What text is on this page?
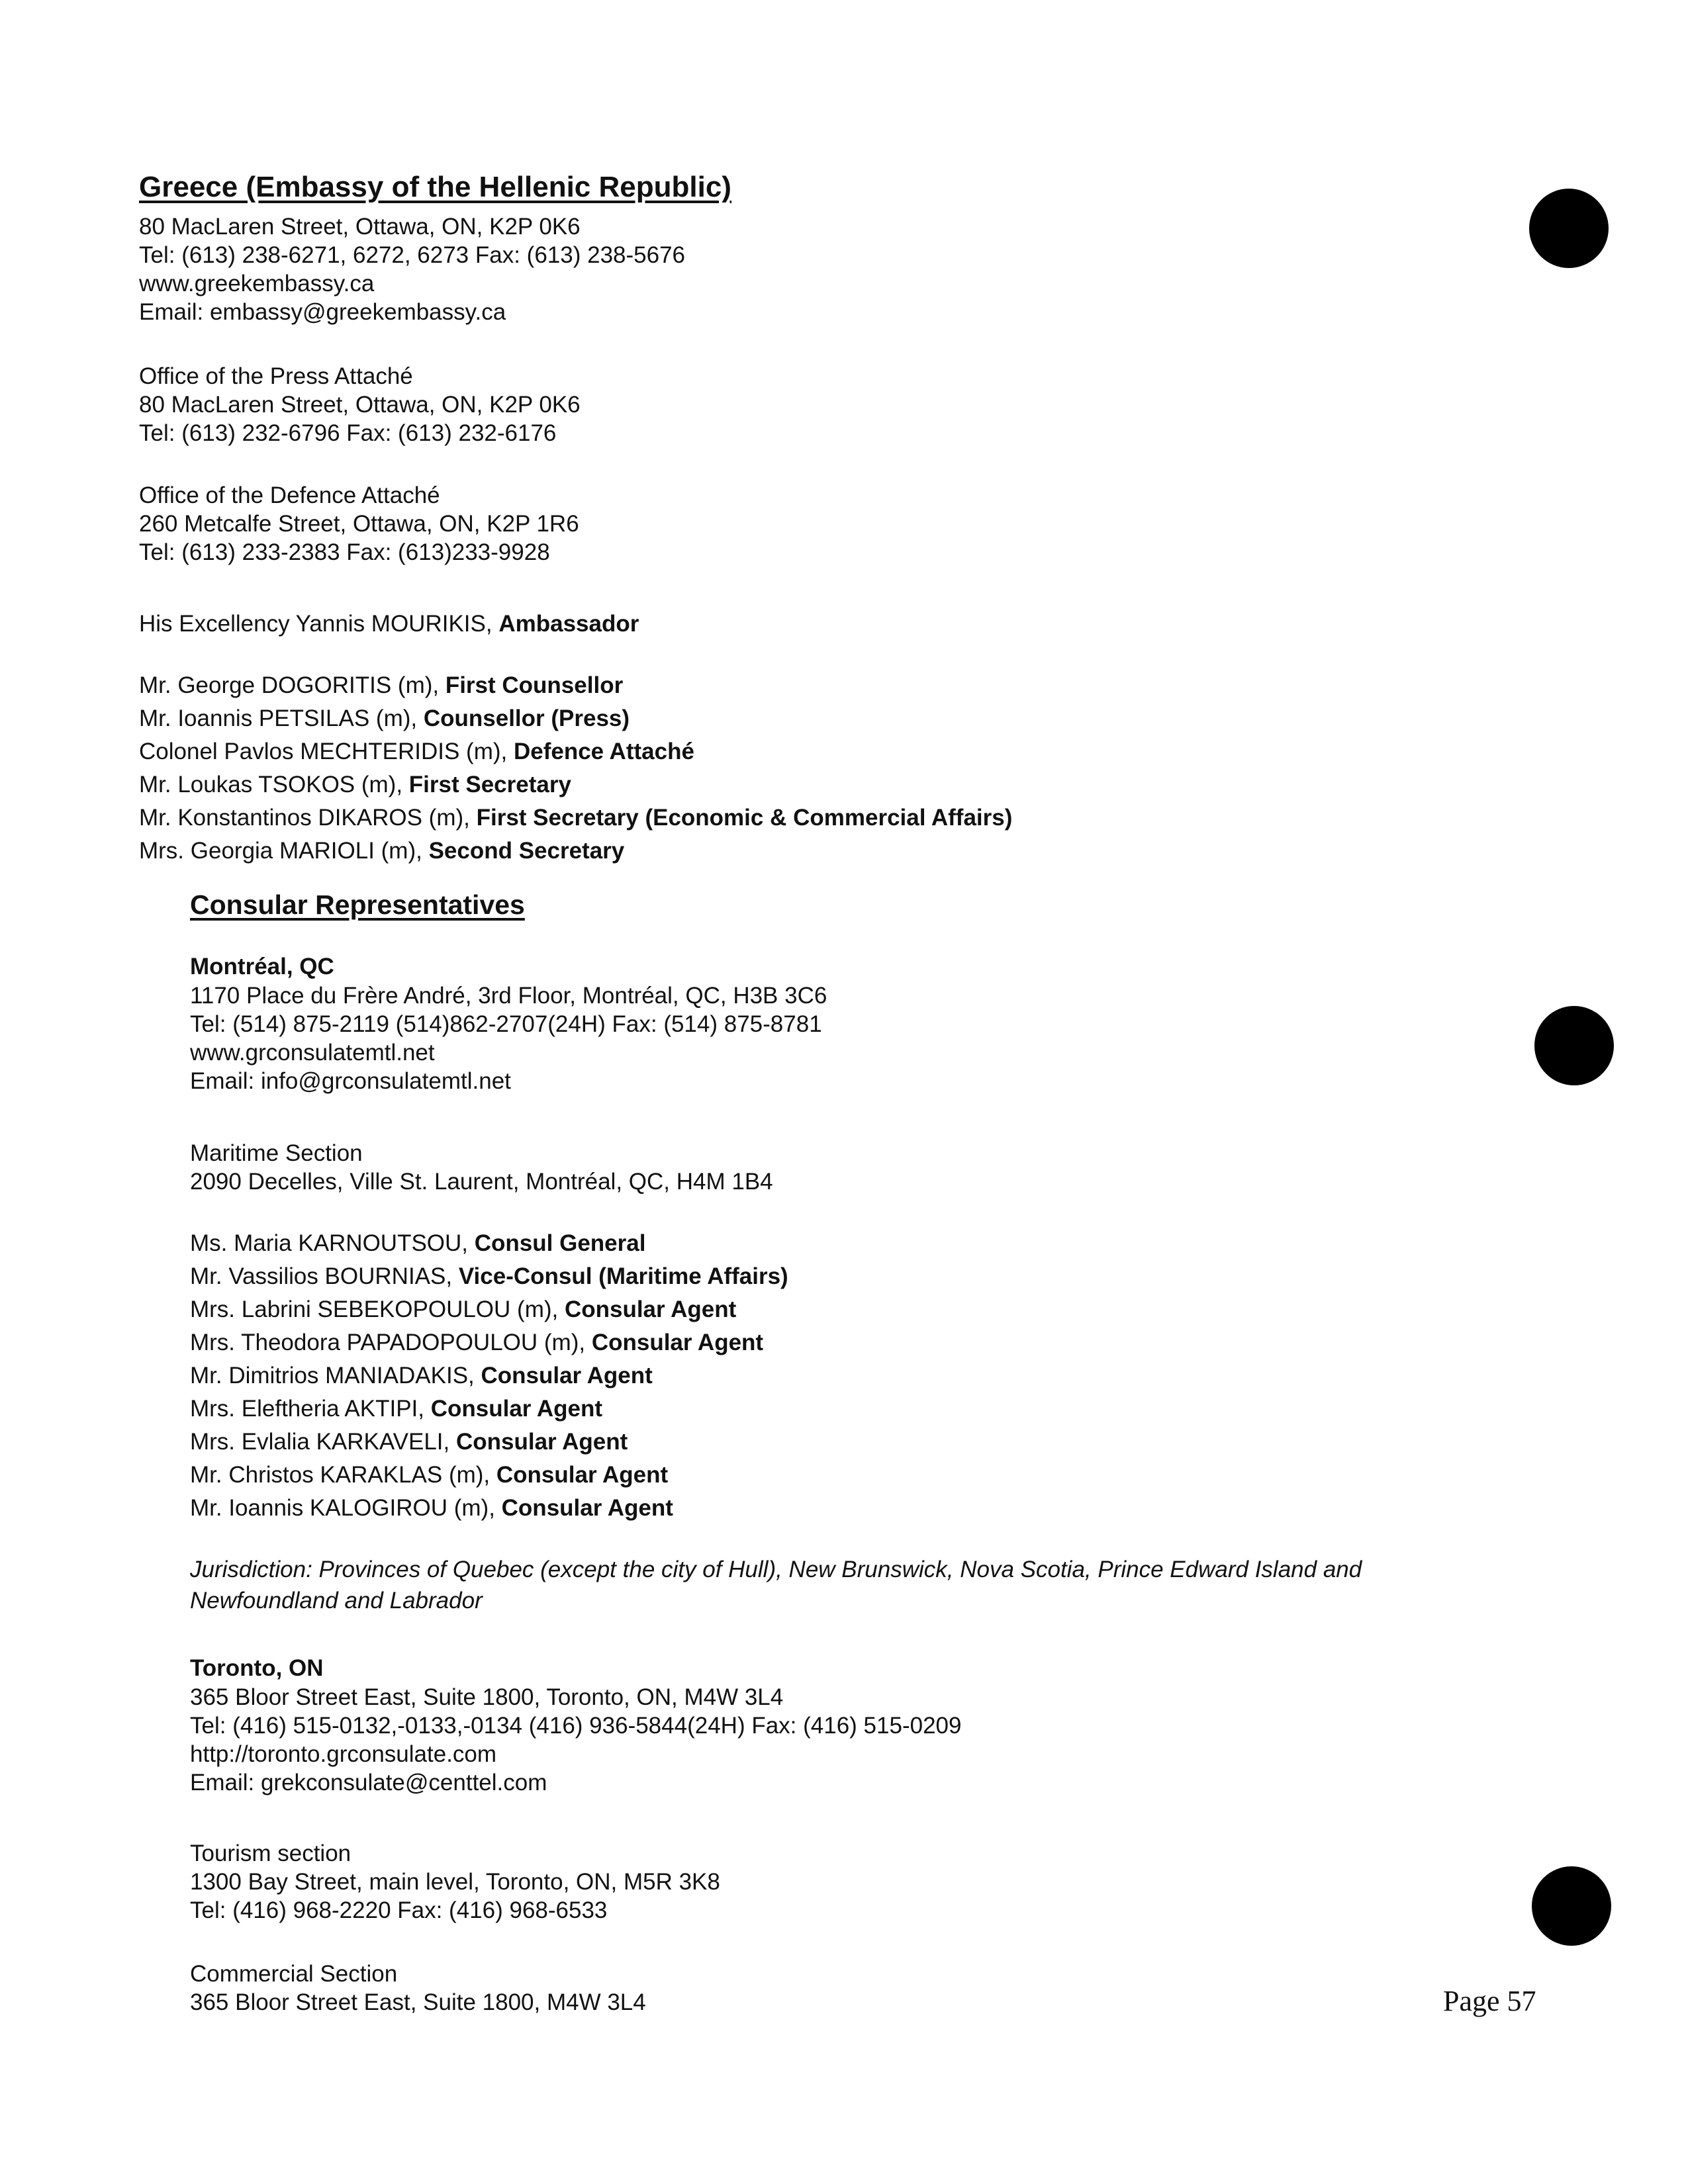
Greece (Embassy of the Hellenic Republic)
80 MacLaren Street, Ottawa, ON, K2P 0K6
Tel: (613) 238-6271, 6272, 6273 Fax: (613) 238-5676
www.greekembassy.ca
Email: embassy@greekembassy.ca
Office of the Press Attaché
80 MacLaren Street, Ottawa, ON, K2P 0K6
Tel: (613) 232-6796 Fax: (613) 232-6176
Office of the Defence Attaché
260 Metcalfe Street, Ottawa, ON, K2P 1R6
Tel: (613) 233-2383 Fax: (613)233-9928
His Excellency Yannis MOURIKIS, Ambassador
Mr. George DOGORITIS (m), First Counsellor
Mr. Ioannis PETSILAS (m), Counsellor (Press)
Colonel Pavlos MECHTERIDIS (m), Defence Attaché
Mr. Loukas TSOKOS (m), First Secretary
Mr. Konstantinos DIKAROS (m), First Secretary (Economic & Commercial Affairs)
Mrs. Georgia MARIOLI (m), Second Secretary
Consular Representatives
Montréal, QC
1170 Place du Frère André, 3rd Floor, Montréal, QC, H3B 3C6
Tel: (514) 875-2119 (514)862-2707(24H) Fax: (514) 875-8781
www.grconsulatemtl.net
Email: info@grconsulatemtl.net
Maritime Section
2090 Decelles, Ville St. Laurent, Montréal, QC, H4M 1B4
Ms. Maria KARNOUTSOU, Consul General
Mr. Vassilios BOURNIAS, Vice-Consul (Maritime Affairs)
Mrs. Labrini SEBEKOPOULOU (m), Consular Agent
Mrs. Theodora PAPADOPOULOU (m), Consular Agent
Mr. Dimitrios MANIADAKIS, Consular Agent
Mrs. Eleftheria AKTIPI, Consular Agent
Mrs. Evlalia KARKAVELI, Consular Agent
Mr. Christos KARAKLAS (m), Consular Agent
Mr. Ioannis KALOGIROU (m), Consular Agent
Jurisdiction: Provinces of Quebec (except the city of Hull), New Brunswick, Nova Scotia, Prince Edward Island and
Newfoundland and Labrador
Toronto, ON
365 Bloor Street East, Suite 1800, Toronto, ON, M4W 3L4
Tel: (416) 515-0132,-0133,-0134 (416) 936-5844(24H) Fax: (416) 515-0209
http://toronto.grconsulate.com
Email: grekconsulate@centtel.com
Tourism section
1300 Bay Street, main level, Toronto, ON, M5R 3K8
Tel: (416) 968-2220 Fax: (416) 968-6533
Commercial Section
365 Bloor Street East, Suite 1800, M4W 3L4	Page 57
